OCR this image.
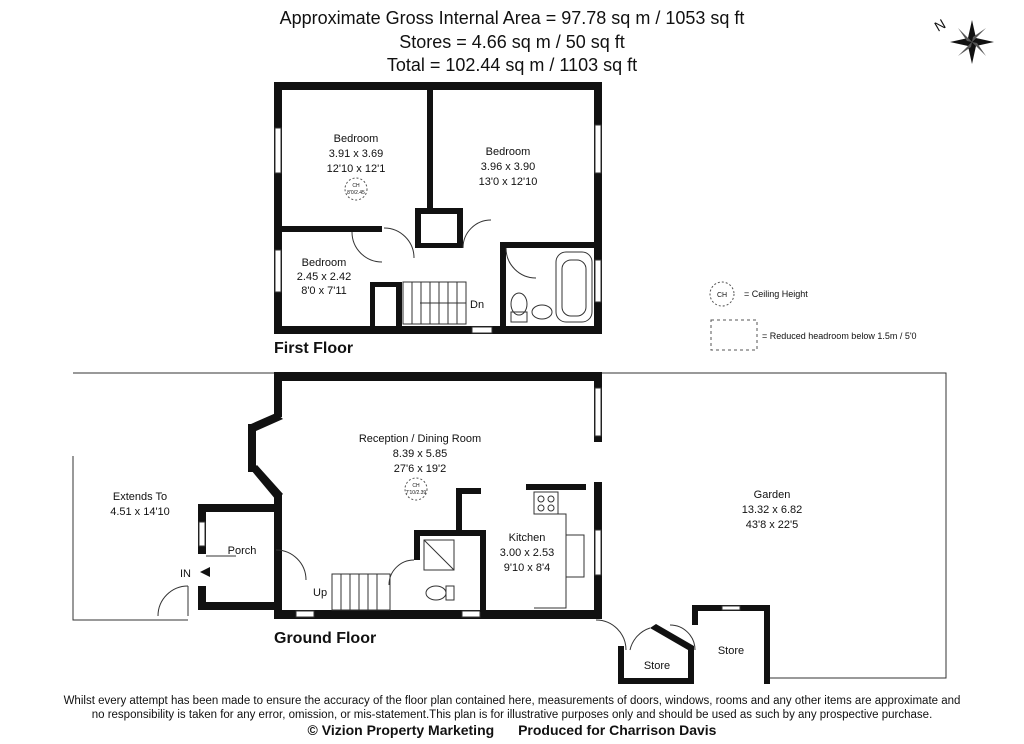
Approximate Gross Internal Area = 97.78 sq m / 1053 sq ft
Stores = 4.66 sq m / 50 sq ft
Total = 102.44 sq m / 1103 sq ft
N
Dn
Bedroom
3.91 x 3.69
12'10 x 12'1
CH
8'0/2.45
Bedroom
3.96 x 3.90
13'0 x 12'10
Bedroom
2.45 x 2.42
8'0 x 7'11	CH = Ceiling Height
= Reduced headroom below 1.5m / 5'0
Up
IN
Reception / Dining Room
8.39 x 5.85
27'6 x 19'2
CH
7'10/2.39
Kitchen
3.00 x 2.53
9'10 x 8'4
Porch
Extends To
4.51 x 14'10
Garden
13.32 x 6.82
43'8 x 22'5
Store
Store
First Floor
Ground Floor
Whilst every attempt has been made to ensure the accuracy of the floor plan contained here, measurements of doors, windows, rooms and any other items are approximate and
no responsibility is taken for any error, omission, or mis-statement.This plan is for illustrative purposes only and should be used as such by any prospective purchase.
© Vizion Property Marketing Produced for Charrison Davis
